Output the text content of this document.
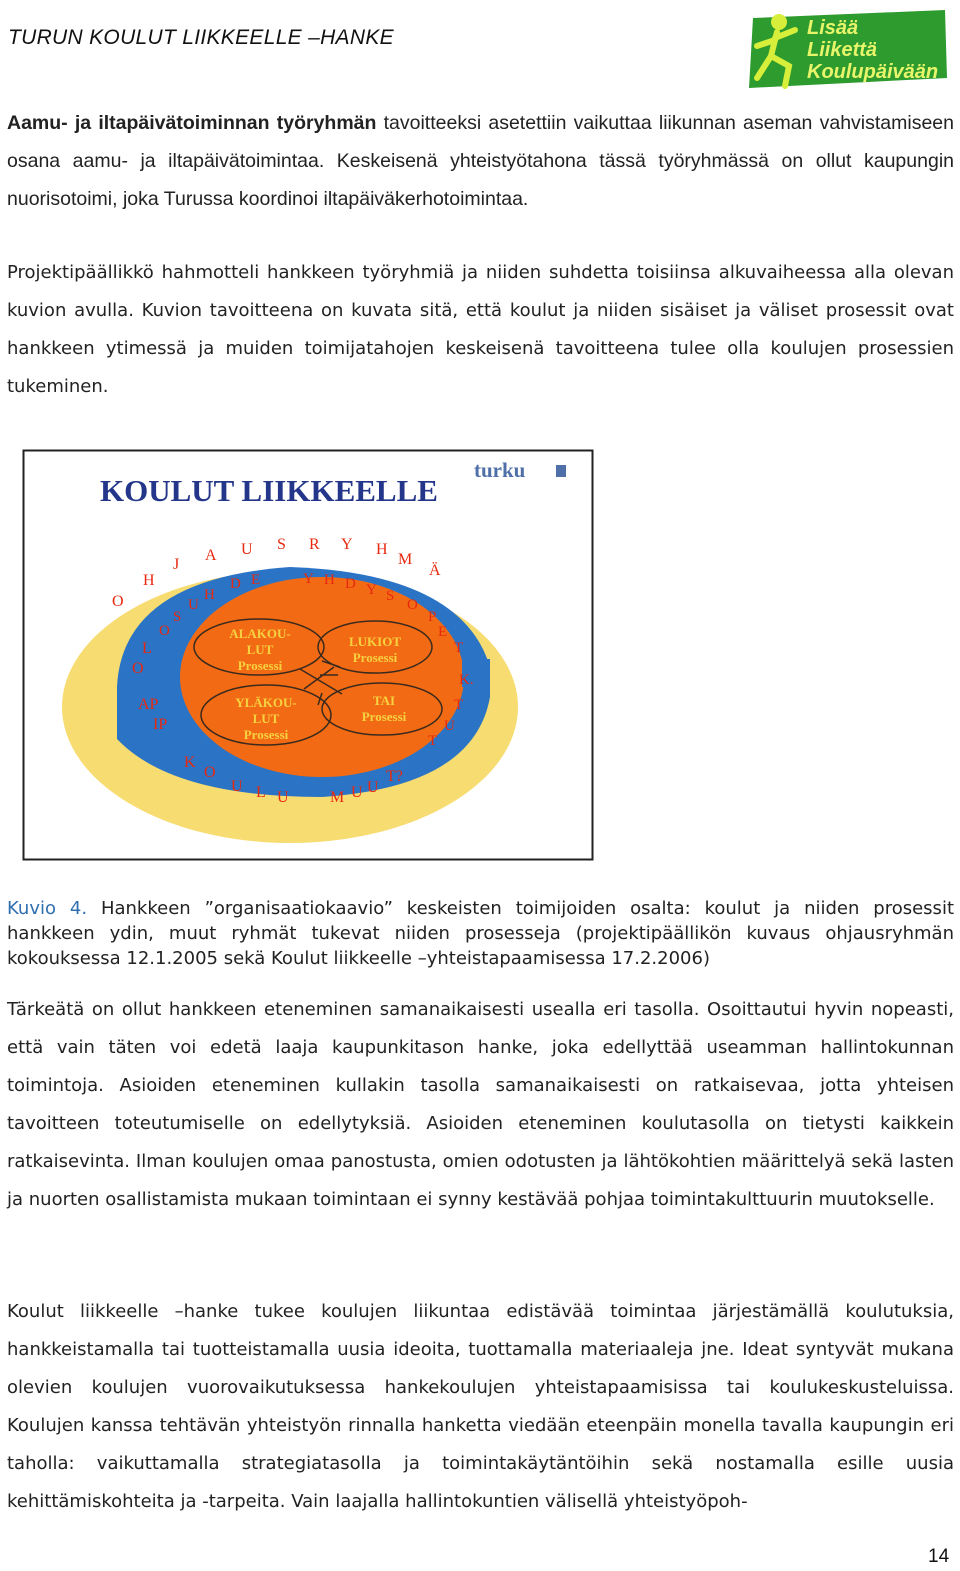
TURUN KOULUT LIIKKEELLE –HANKE	Lisää
Liikettä
Koulupäivään

Aamu- ja iltapäivätoiminnan työryhmän tavoitteeksi asetettiin vaikuttaa liikunnan aseman vahvistamiseen osana aamu- ja iltapäivätoimintaa. Keskeisenä yhteistyötahona tässä työryhmässä on ollut kaupungin nuorisotoimi, joka Turussa koordinoi iltapäiväkerhotoimintaa.

Projektipäällikkö hahmotteli hankkeen työryhmiä ja niiden suhdetta toisiinsa alkuvaiheessa alla olevan kuvion avulla. Kuvion tavoitteena on kuvata sitä, että koulut ja niiden sisäiset ja väliset prosessit ovat hankkeen ytimessä ja muiden toimijatahojen keskeisenä tavoitteena tulee olla koulujen prosessien tukeminen.

turku
KOULUT LIIKKEELLE
ALAKOU-
LUT
Prosessi
LUKIOT
Prosessi
YLÄKOU-
LUT
Prosessi
TAI
Prosessi
O
H
J
A U S R Y H
M
Ä
L
O
AP
IP
K
O
U L U	M U U
T?
O
S
U
H
D E	Y H D Y S
O
P
E
T
K.
T
U
T

Kuvio 4. Hankkeen ”organisaatiokaavio” keskeisten toimijoiden osalta: koulut ja niiden prosessit hankkeen ydin, muut ryhmät tukevat niiden prosesseja (projektipäällikön kuvaus ohjausryhmän kokouksessa 12.1.2005 sekä Koulut liikkeelle –yhteistapaamisessa 17.2.2006)

Tärkeätä on ollut hankkeen eteneminen samanaikaisesti usealla eri tasolla. Osoittautui hyvin nopeasti, että vain täten voi edetä laaja kaupunkitason hanke, joka edellyttää useamman hallintokunnan toimintoja. Asioiden eteneminen kullakin tasolla samanaikaisesti on ratkaisevaa, jotta yhteisen tavoitteen toteutumiselle on edellytyksiä. Asioiden eteneminen koulutasolla on tietysti kaikkein ratkaisevinta. Ilman koulujen omaa panostusta, omien odotusten ja lähtökohtien määrittelyä sekä lasten ja nuorten osallistamista mukaan toimintaan ei synny kestävää pohjaa toimintakulttuurin muutokselle.

Koulut liikkeelle –hanke tukee koulujen liikuntaa edistävää toimintaa järjestämällä koulutuksia, hankkeistamalla tai tuotteistamalla uusia ideoita, tuottamalla materiaaleja jne. Ideat syntyvät mukana olevien koulujen vuorovaikutuksessa hankekoulujen yhteistapaamisissa tai koulukeskusteluissa. Koulujen kanssa tehtävän yhteistyön rinnalla hanketta viedään eteenpäin monella tavalla kaupungin eri taholla: vaikuttamalla strategiatasolla ja toimintakäytäntöihin sekä nostamalla esille uusia kehittämiskohteita ja -tarpeita. Vain laajalla hallintokuntien välisellä yhteistyöpoh-

14
